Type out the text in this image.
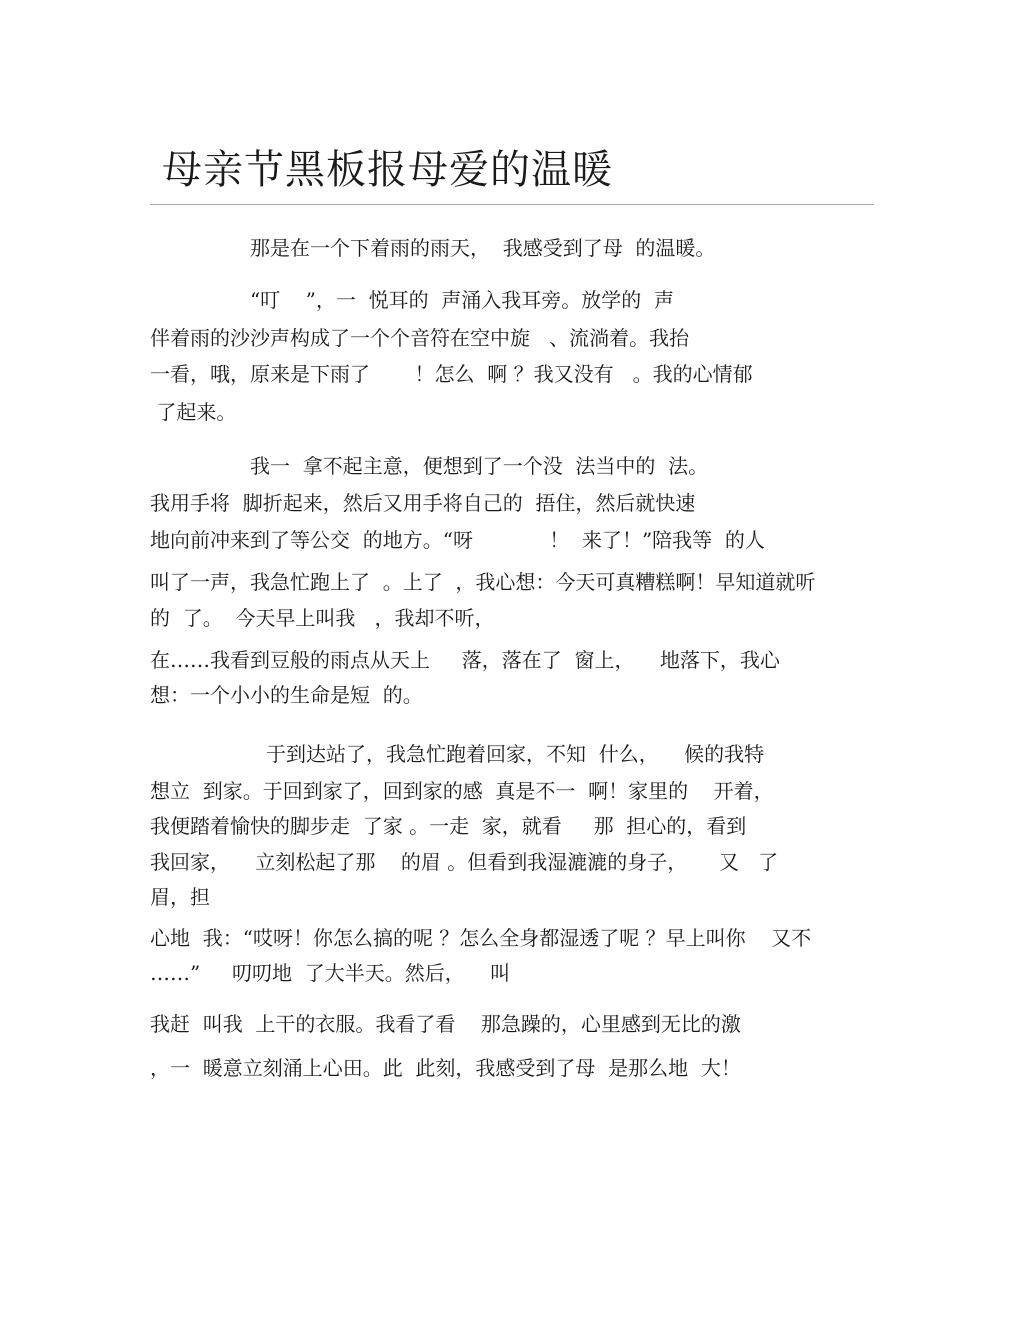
母亲节黑板报母爱的温暖

那是在一个下着雨的雨天，  我感受到了母  的温暖。

“叮    ”，一  悦耳的  声涌入我耳旁。放学的  声

伴着雨的沙沙声构成了一个个音符在空中旋   、流淌着。我抬

一看，哦，原来是下雨了       ！怎么  啊 ？我又没有   。我的心情郁

了起来。

我一  拿不起主意，便想到了一个没  法当中的  法。

我用手将  脚折起来，然后又用手将自己的  捂住，然后就快速

地向前冲来到了等公交  的地方。“呀            ！  来了！”陪我等  的人

叫了一声，我急忙跑上了  。上了  ，我心想：今天可真糟糕啊！早知道就听

的  了。  今天早上叫我   ，我却不听，

在……我看到豆般的雨点从天上     落，落在了  窗上，    地落下，我心

想：一个小小的生命是短  的。

于到达站了，我急忙跑着回家，不知  什么，    候的我特

想立  到家。于回到家了，回到家的感  真是不一  啊！家里的    开着，

我便踏着愉快的脚步走  了家 。一走  家，就看     那  担心的，看到

我回家，    立刻松起了那    的眉 。但看到我湿漉漉的身子，     又   了

眉，担

心地  我：“哎呀！你怎么搞的呢 ？怎么全身都湿透了呢 ？早上叫你    又不

……”     叨叨地  了大半天。然后，    叫

我赶  叫我  上干的衣服。我看了看    那急躁的，心里感到无比的激

，一  暖意立刻涌上心田。此  此刻，我感受到了母  是那么地  大！
